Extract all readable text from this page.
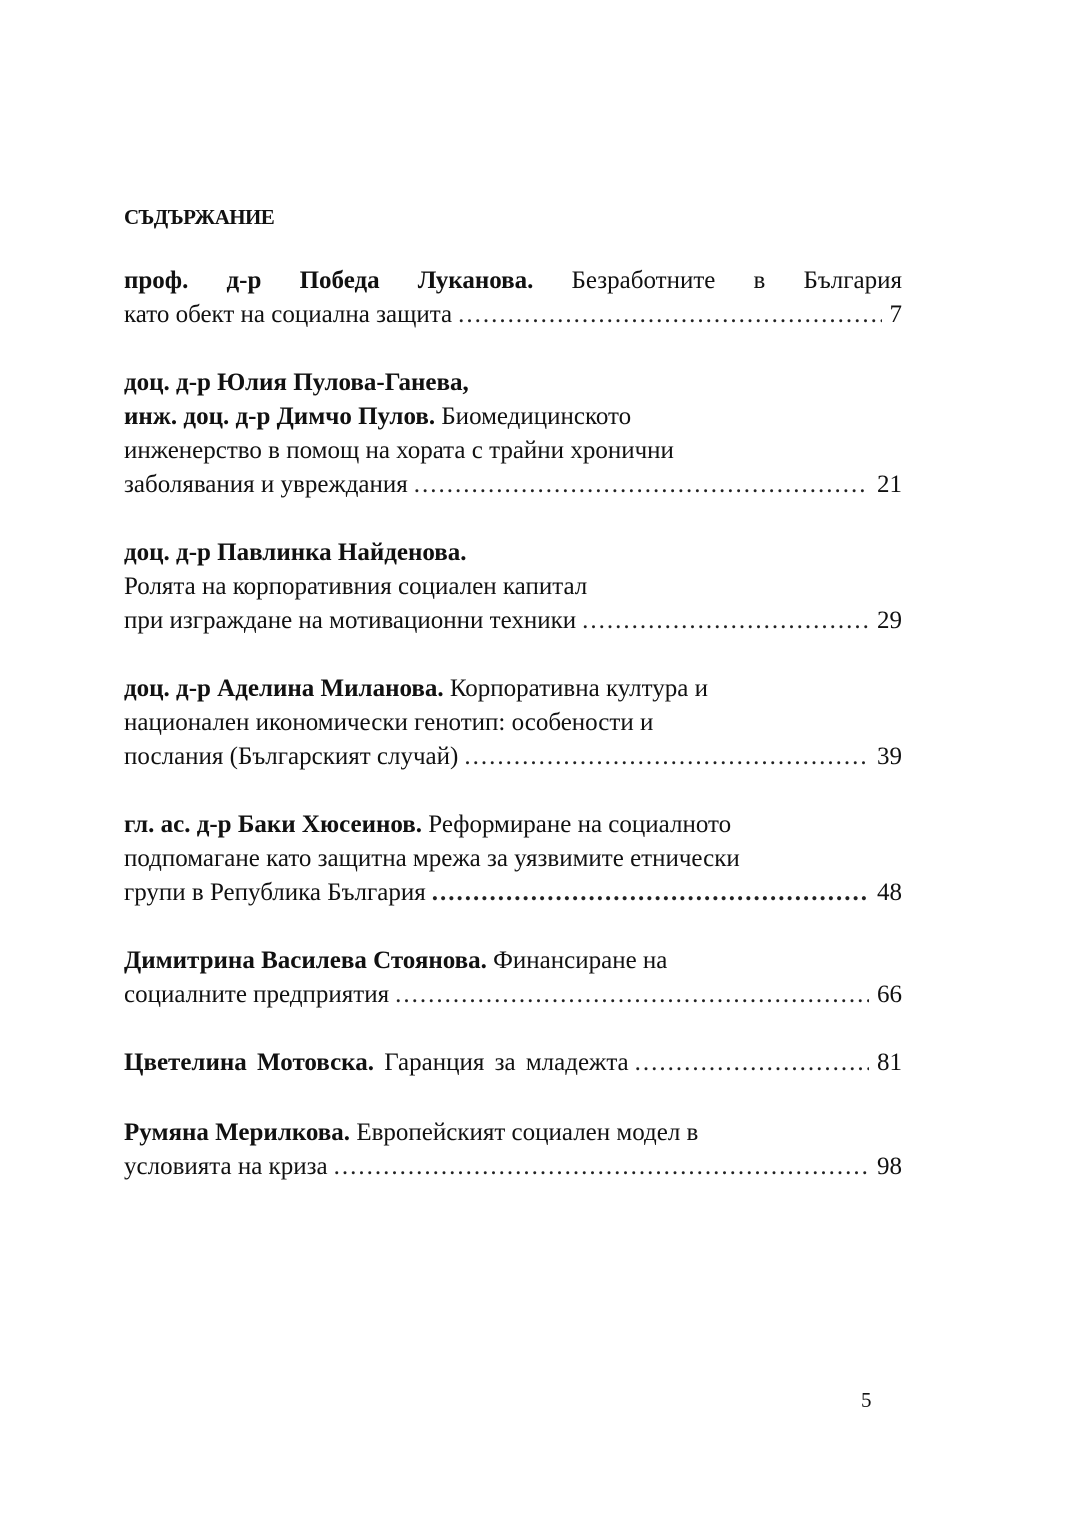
СЪДЪРЖАНИЕ
проф. д-р Победа Луканова. Безработните в България
като обект на социална защита .....	7
доц. д-р Юлия Пулова-Ганева,
инж. доц. д-р Димчо Пулов. Биомедицинското
инженерство в помощ на хората с трайни хронични
заболявания и увреждания .....	21
доц. д-р Павлинка Найденова.
Ролята на корпоративния социален капитал
при изграждане на мотивационни техники .....	29
доц. д-р Аделина Миланова. Корпоративна култура и
национален икономически генотип: особености и
послания (Българският случай) .....	39
гл. ас. д-р Баки Хюсеинов. Реформиране на социалното
подпомагане като защитна мрежа за уязвимите етнически
групи в Република България .....	48
Димитрина Василева Стоянова. Финансиране на
социалните предприятия .....	66
Цветелина Мотовска. Гаранция за младежта .....	81
Румяна Мерилкова. Европейският социален модел в
условията на криза .....	98

5
